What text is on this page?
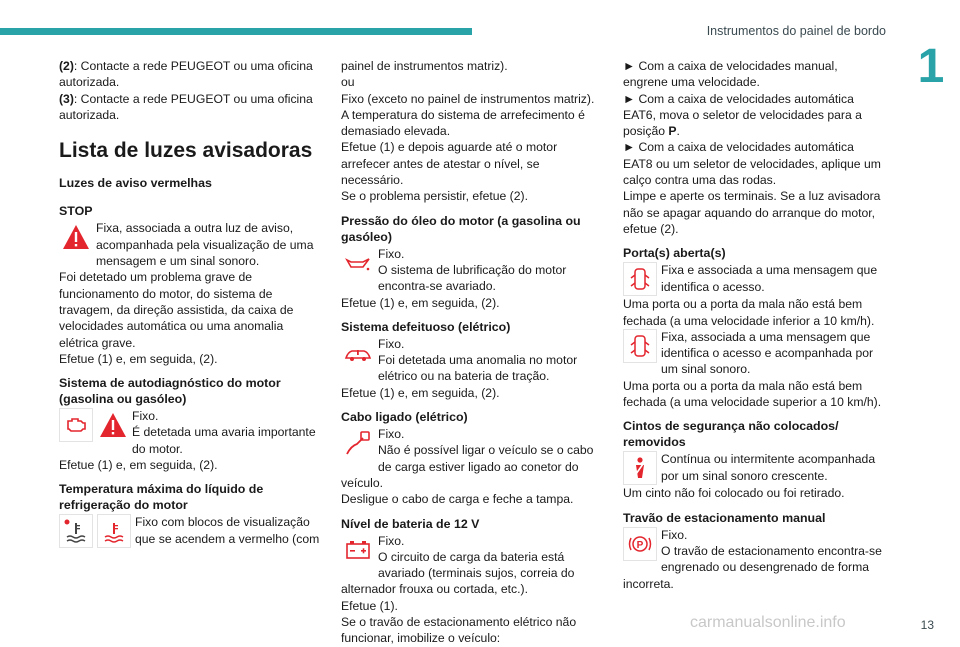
Instrumentos do painel de bordo
1

(2): Contacte a rede PEUGEOT ou uma oficina autorizada.

(3): Contacte a rede PEUGEOT ou uma oficina autorizada.

Lista de luzes avisadoras
Luzes de aviso vermelhas
STOP

Fixa, associada a outra luz de aviso, acompanhada pela visualização de uma mensagem e um sinal sonoro.

Foi detetado um problema grave de funcionamento do motor, do sistema de travagem, da direção assistida, da caixa de velocidades automática ou uma anomalia elétrica grave.

Efetue (1) e, em seguida, (2).

Sistema de autodiagnóstico do motor (gasolina ou gasóleo)

Fixo.

É detetada uma avaria importante do motor.

Efetue (1) e, em seguida, (2).

Temperatura máxima do líquido de refrigeração do motor

Fixo com blocos de visualização que se acendem a vermelho (com

painel de instrumentos matriz).

ou

Fixo (exceto no painel de instrumentos matriz).

A temperatura do sistema de arrefecimento é demasiado elevada.

Efetue (1) e depois aguarde até o motor arrefecer antes de atestar o nível, se necessário.

Se o problema persistir, efetue (2).

Pressão do óleo do motor (a gasolina ou gasóleo)

Fixo.

O sistema de lubrificação do motor encontra-se avariado.

Efetue (1) e, em seguida, (2).

Sistema defeituoso (elétrico)

Fixo.

Foi detetada uma anomalia no motor elétrico ou na bateria de tração.

Efetue (1) e, em seguida, (2).

Cabo ligado (elétrico)

Fixo.

Não é possível ligar o veículo se o cabo de carga estiver ligado ao conetor do veículo.

Desligue o cabo de carga e feche a tampa.

Nível de bateria de 12 V

Fixo.

O circuito de carga da bateria está avariado (terminais sujos, correia do alternador frouxa ou cortada, etc.).

Efetue (1).

Se o travão de estacionamento elétrico não funcionar, imobilize o veículo:

► Com a caixa de velocidades manual, engrene uma velocidade.

► Com a caixa de velocidades automática EAT6, mova o seletor de velocidades para a posição P.

► Com a caixa de velocidades automática EAT8 ou um seletor de velocidades, aplique um calço contra uma das rodas.

Limpe e aperte os terminais. Se a luz avisadora não se apagar aquando do arranque do motor, efetue (2).

Porta(s) aberta(s)

Fixa e associada a uma mensagem que identifica o acesso.

Uma porta ou a porta da mala não está bem fechada (a uma velocidade inferior a 10 km/h).

Fixa, associada a uma mensagem que identifica o acesso e acompanhada por um sinal sonoro.

Uma porta ou a porta da mala não está bem fechada (a uma velocidade superior a 10 km/h).

Cintos de segurança não colocados/ removidos

Contínua ou intermitente acompanhada por um sinal sonoro crescente.

Um cinto não foi colocado ou foi retirado.

Travão de estacionamento manual
P

Fixo.

O travão de estacionamento encontra-se engrenado ou desengrenado de forma incorreta.

carmanualsonline.info	13
